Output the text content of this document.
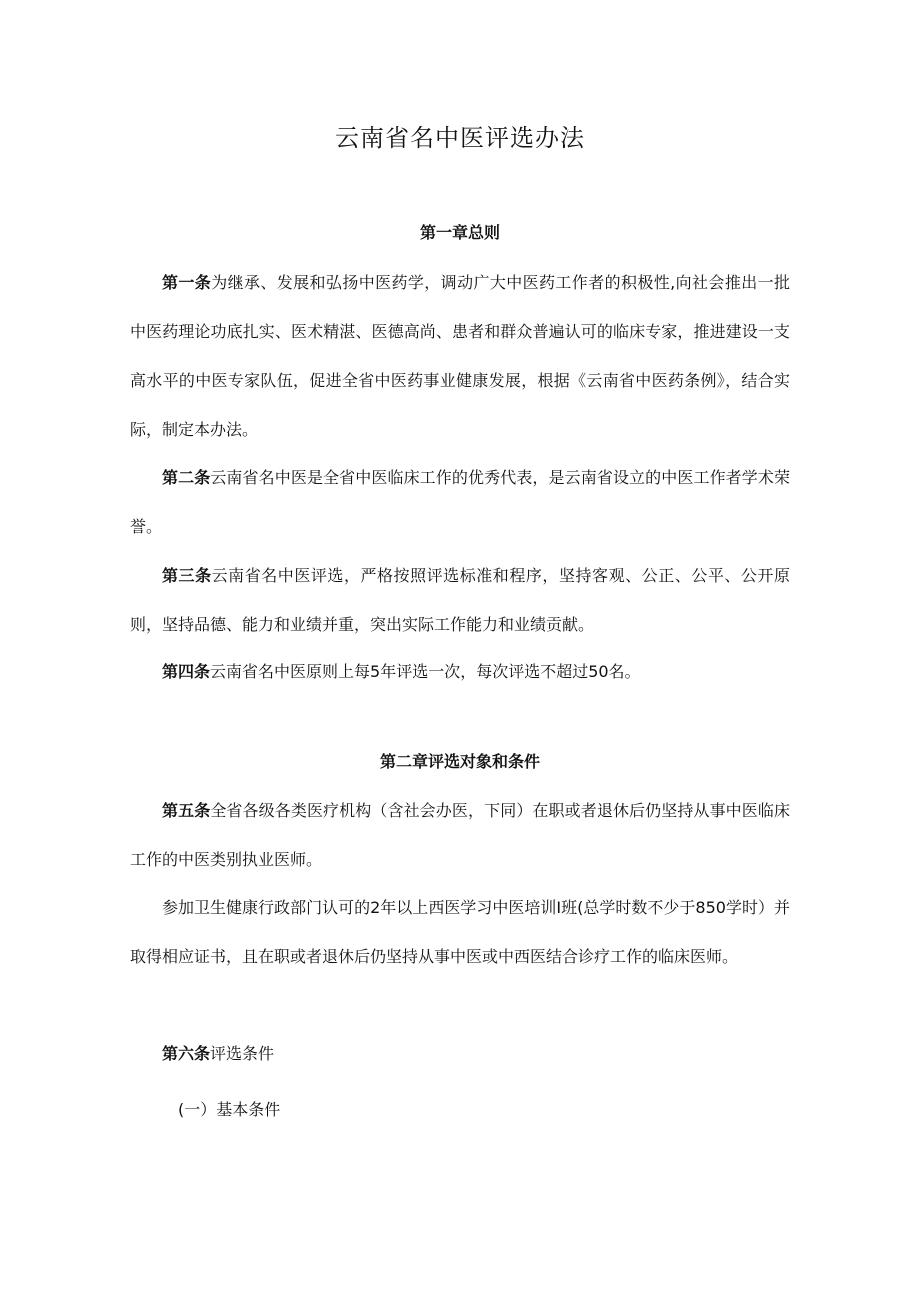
云南省名中医评选办法
第一章总则

第一条为继承、发展和弘扬中医药学，调动广大中医药工作者的积极性,向社会推出一批中医药理论功底扎实、医术精湛、医德高尚、患者和群众普遍认可的临床专家，推进建设一支高水平的中医专家队伍，促进全省中医药事业健康发展，根据《云南省中医药条例》，结合实际，制定本办法。

第二条云南省名中医是全省中医临床工作的优秀代表，是云南省设立的中医工作者学术荣誉。

第三条云南省名中医评选，严格按照评选标准和程序，坚持客观、公正、公平、公开原则，坚持品德、能力和业绩并重，突出实际工作能力和业绩贡献。

第四条云南省名中医原则上每5年评选一次，每次评选不超过50名。

第二章评选对象和条件

第五条全省各级各类医疗机构（含社会办医，下同）在职或者退休后仍坚持从事中医临床工作的中医类别执业医师。

参加卫生健康行政部门认可的2年以上西医学习中医培训Ⅰ班(总学时数不少于850学时）并取得相应证书，且在职或者退休后仍坚持从事中医或中西医结合诊疗工作的临床医师。

第六条评选条件

(一）基本条件
